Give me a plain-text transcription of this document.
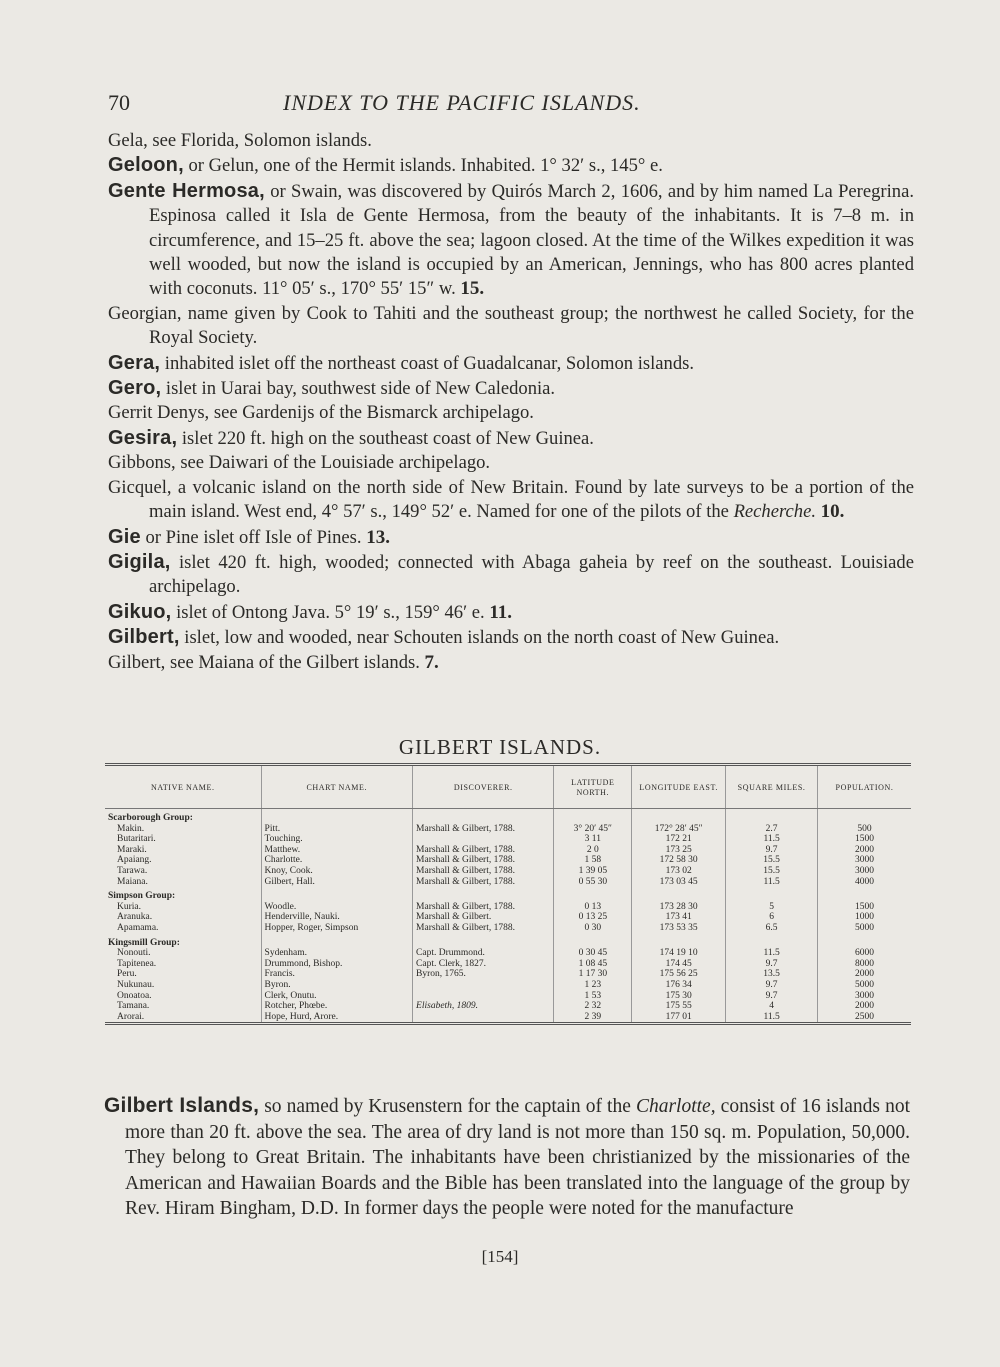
70	INDEX TO THE PACIFIC ISLANDS.

Gela, see Florida, Solomon islands.

Geloon, or Gelun, one of the Hermit islands. Inhabited. 1° 32′ s., 145° e.

Gente Hermosa, or Swain, was discovered by Quirós March 2, 1606, and by him named La Peregrina. Espinosa called it Isla de Gente Hermosa, from the beauty of the inhabitants. It is 7–8 m. in circumference, and 15–25 ft. above the sea; lagoon closed. At the time of the Wilkes expedition it was well wooded, but now the island is occupied by an American, Jennings, who has 800 acres planted with coconuts. 11° 05′ s., 170° 55′ 15″ w. 15.

Georgian, name given by Cook to Tahiti and the southeast group; the northwest he called Society, for the Royal Society.

Gera, inhabited islet off the northeast coast of Guadalcanar, Solomon islands.

Gero, islet in Uarai bay, southwest side of New Caledonia.

Gerrit Denys, see Gardenijs of the Bismarck archipelago.

Gesira, islet 220 ft. high on the southeast coast of New Guinea.

Gibbons, see Daiwari of the Louisiade archipelago.

Gicquel, a volcanic island on the north side of New Britain. Found by late surveys to be a portion of the main island. West end, 4° 57′ s., 149° 52′ e. Named for one of the pilots of the Recherche. 10.

Gie or Pine islet off Isle of Pines. 13.

Gigila, islet 420 ft. high, wooded; connected with Abaga gaheia by reef on the southeast. Louisiade archipelago.

Gikuo, islet of Ontong Java. 5° 19′ s., 159° 46′ e. 11.

Gilbert, islet, low and wooded, near Schouten islands on the north coast of New Guinea.

Gilbert, see Maiana of the Gilbert islands. 7.

GILBERT ISLANDS.
NATIVE NAME.	CHART NAME.	DISCOVERER.	LATITUDE NORTH.	LONGITUDE EAST.	SQUARE MILES.	POPULATION.
Scarborough Group:						
Makin.	Pitt.	Marshall & Gilbert, 1788.	3° 20′ 45″	172° 28′ 45″	2.7	500
Butaritari.	Touching.		3 11	172 21	11.5	1500
Maraki.	Matthew.	Marshall & Gilbert, 1788.	2 0	173 25	9.7	2000
Apaiang.	Charlotte.	Marshall & Gilbert, 1788.	1 58	172 58 30	15.5	3000
Tarawa.	Knoy, Cook.	Marshall & Gilbert, 1788.	1 39 05	173 02	15.5	3000
Maiana.	Gilbert, Hall.	Marshall & Gilbert, 1788.	0 55 30	173 03 45	11.5	4000
Simpson Group:						
Kuria.	Woodle.	Marshall & Gilbert, 1788.	0 13	173 28 30	5	1500
Aranuka.	Henderville, Nauki.	Marshall & Gilbert.	0 13 25	173 41	6	1000
Apamama.	Hopper, Roger, Simpson	Marshall & Gilbert, 1788.	0 30	173 53 35	6.5	5000
Kingsmill Group:						
Nonouti.	Sydenham.	Capt. Drummond.	0 30 45	174 19 10	11.5	6000
Tapitenea.	Drummond, Bishop.	Capt. Clerk, 1827.	1 08 45	174 45	9.7	8000
Peru.	Francis.	Byron, 1765.	1 17 30	175 56 25	13.5	2000
Nukunau.	Byron.		1 23	176 34	9.7	5000
Onoatoa.	Clerk, Onutu.		1 53	175 30	9.7	3000
Tamana.	Rotcher, Phœbe.	Elisabeth, 1809.	2 32	175 55	4	2000
Arorai.	Hope, Hurd, Arore.		2 39	177 01	11.5	2500

Gilbert Islands, so named by Krusenstern for the captain of the Charlotte, consist of 16 islands not more than 20 ft. above the sea. The area of dry land is not more than 150 sq. m. Population, 50,000. They belong to Great Britain. The inhabitants have been christianized by the missionaries of the American and Hawaiian Boards and the Bible has been translated into the language of the group by Rev. Hiram Bingham, D.D. In former days the people were noted for the manufacture

[154]
